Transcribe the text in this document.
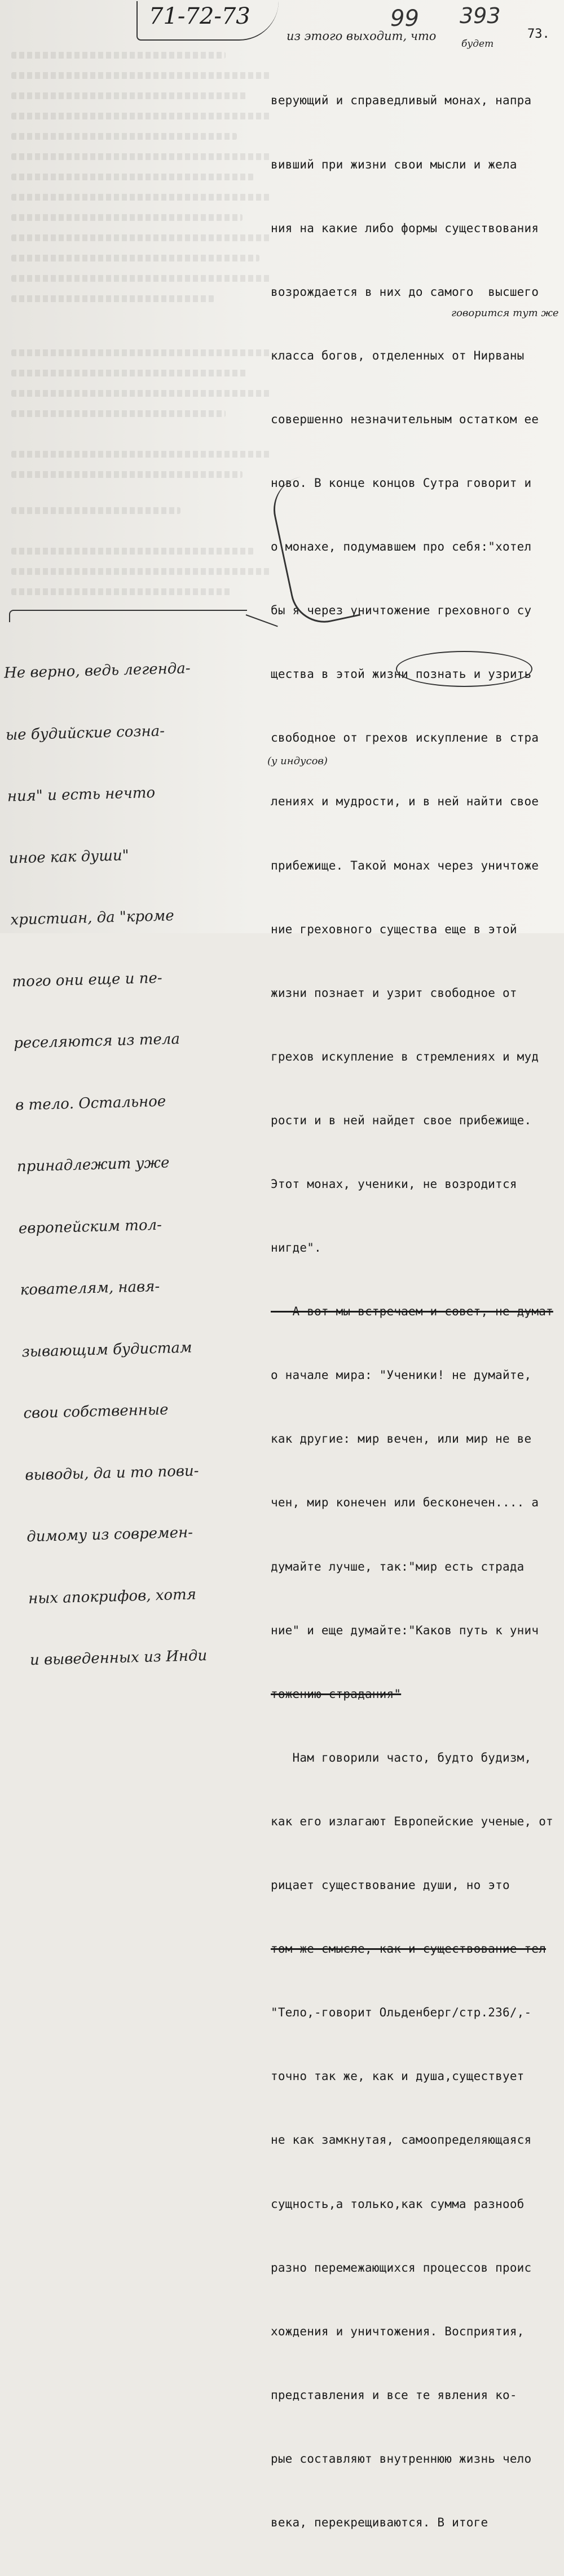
71-72-73	99 393
73.
из этого выходит, что
будет

верующий и справедливый монах, напра

вивший при жизни свои мысли и жела

ния на какие либо формы существования

возрождается в них до самого  высшего

класса богов, отделенных от Нирваны

совершенно незначительным остатком ее

ново. В конце концов Сутра говорит и

о монахе, подумавшем про себя:"хотел

бы я через уничтожение греховного су

щества в этой жизни познать и узрить

свободное от грехов искупление в стра

лениях и мудрости, и в ней найти свое

прибежище. Такой монах через уничтоже

ние греховного существа еще в этой

жизни познает и узрит свободное от

грехов искупление в стремлениях и муд

рости и в ней найдет свое прибежище.

Этот монах, ученики, не возродится

нигде".

А вот мы встречаем и совет, не думат

о начале мира: "Ученики! не думайте,

как другие: мир вечен, или мир не ве

чен, мир конечен или бесконечен.... а

думайте лучше, так:"мир есть страда

ние" и еще думайте:"Каков путь к унич

тожению страдания"

Нам говорили часто, будто будизм,

как его излагают Европейские ученые, от

рицает существование души, но это

том же смысле, как и существование тел

"Тело,-говорит Ольденберг/стр.236/,-

точно так же, как и душа,существует

не как замкнутая, самоопределяющаяся

сущность,а только,как сумма разнооб

разно перемежающихся процессов проис

хождения и уничтожения. Восприятия,

представления и все те явления ко-

рые составляют внутреннюю жизнь чело

века, перекрещиваются. В итоге

говорится тут же
(у индусов)

Не верно, ведь легенда-

ые будийские созна-

ния" и есть нечто

иное как души"

христиан, да "кроме

того они еще и пе-

реселяются из тела

в тело. Остальное

принадлежит уже

европейским тол-

кователям, навя-

зывающим будистам

свои собственные

выводы, да и то пови-

димому из современ-

ных апокрифов, хотя

и выведенных из Инди
